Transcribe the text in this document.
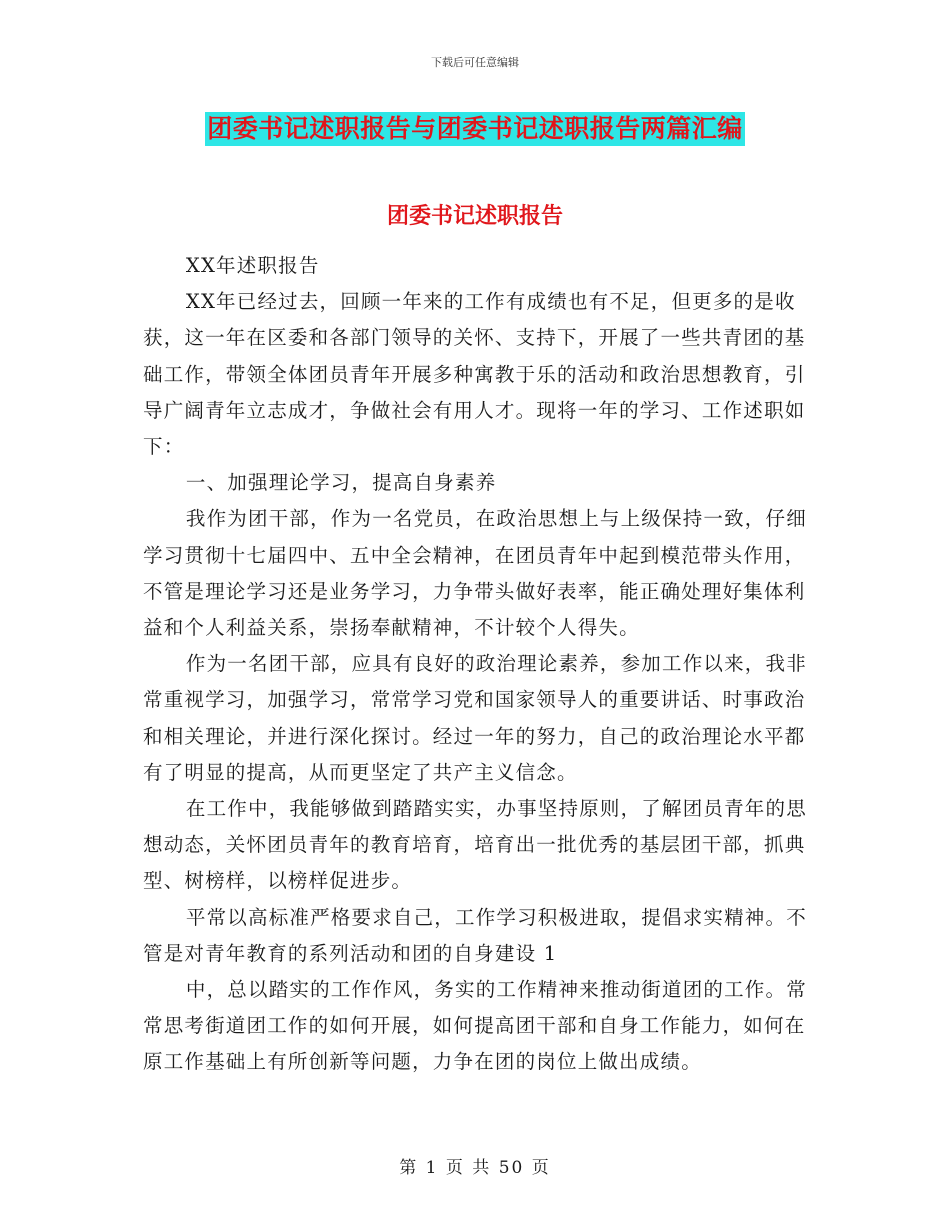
下载后可任意编辑
团委书记述职报告与团委书记述职报告两篇汇编
团委书记述职报告

XX年述职报告

XX年已经过去，回顾一年来的工作有成绩也有不足，但更多的是收获，这一年在区委和各部门领导的关怀、支持下，开展了一些共青团的基础工作，带领全体团员青年开展多种寓教于乐的活动和政治思想教育，引导广阔青年立志成才，争做社会有用人才。现将一年的学习、工作述职如下：

一、加强理论学习，提高自身素养

我作为团干部，作为一名党员，在政治思想上与上级保持一致，仔细学习贯彻十七届四中、五中全会精神，在团员青年中起到模范带头作用，不管是理论学习还是业务学习，力争带头做好表率，能正确处理好集体利益和个人利益关系，崇扬奉献精神，不计较个人得失。

作为一名团干部，应具有良好的政治理论素养，参加工作以来，我非常重视学习，加强学习，常常学习党和国家领导人的重要讲话、时事政治和相关理论，并进行深化探讨。经过一年的努力，自己的政治理论水平都有了明显的提高，从而更坚定了共产主义信念。

在工作中，我能够做到踏踏实实，办事坚持原则，了解团员青年的思想动态，关怀团员青年的教育培育，培育出一批优秀的基层团干部，抓典型、树榜样，以榜样促进步。

平常以高标准严格要求自己，工作学习积极进取，提倡求实精神。不管是对青年教育的系列活动和团的自身建设 1

中，总以踏实的工作作风，务实的工作精神来推动街道团的工作。常常思考街道团工作的如何开展，如何提高团干部和自身工作能力，如何在原工作基础上有所创新等问题，力争在团的岗位上做出成绩。

第 1 页 共 50 页
